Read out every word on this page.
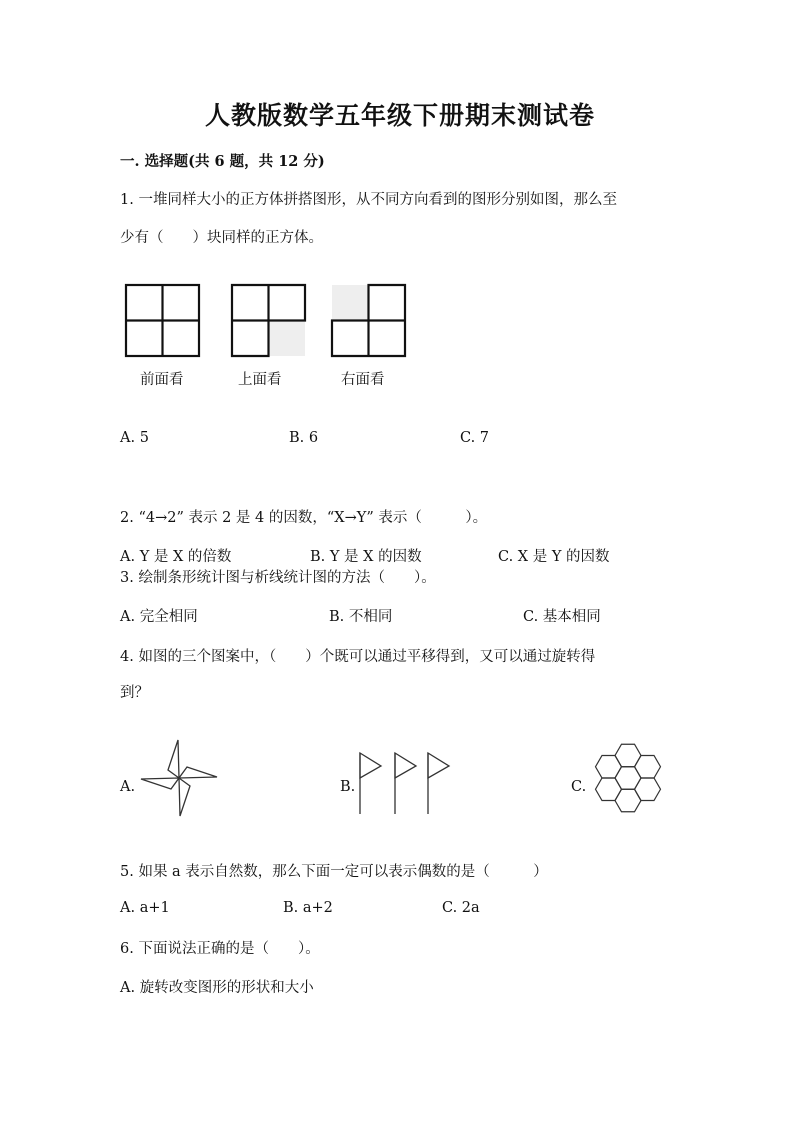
人教版数学五年级下册期末测试卷
一. 选择题(共 6 题，共 12 分)
1. 一堆同样大小的正方体拼搭图形，从不同方向看到的图形分别如图，那么至
少有（　　）块同样的正方体。
前面看	上面看	右面看
A. 5	B. 6	C. 7
2. “4→2” 表示 2 是 4 的因数，“X→Y” 表示（　　　）。
A. Y 是 X 的倍数	B. Y 是 X 的因数	C. X 是 Y 的因数
3. 绘制条形统计图与析线统计图的方法（　　）。
A. 完全相同	B. 不相同	C. 基本相同
4. 如图的三个图案中，（　　）个既可以通过平移得到，又可以通过旋转得
到？
A.	B.	C.
5. 如果 a 表示自然数，那么下面一定可以表示偶数的是（　　　）
A. a+1	B. a+2	C. 2a
6. 下面说法正确的是（　　）。
A. 旋转改变图形的形状和大小
